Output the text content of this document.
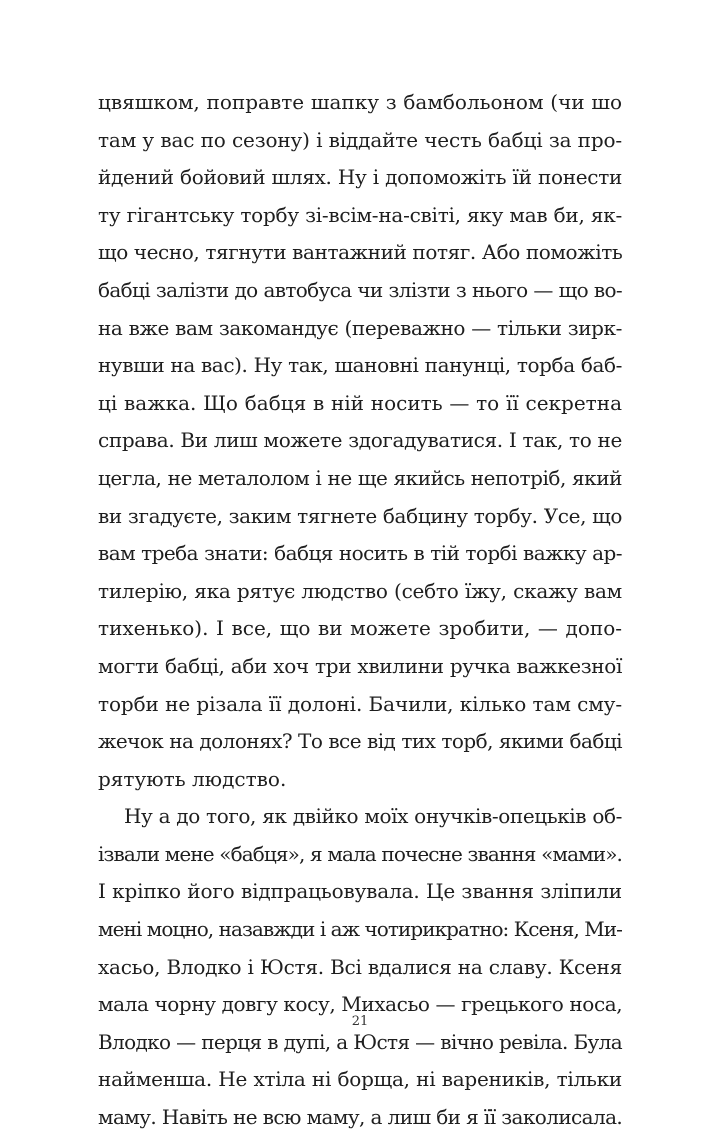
цвяшком, поправте шапку з бамбольоном (чи шо
там у вас по сезону) і віддайте честь бабці за про-
йдений бойовий шлях. Ну і допоможіть їй понести
ту гігантську торбу зі-всім-на-світі, яку мав би, як-
що чесно, тягнути вантажний потяг. Або поможіть
бабці залізти до автобуса чи злізти з нього — що во-
на вже вам закомандує (переважно — тільки зирк-
нувши на вас). Ну так, шановні панунці, торба баб-
ці важка. Що бабця в ній носить — то її секретна
справа. Ви лиш можете здогадуватися. І так, то не
цегла, не металолом і не ще якийсь непотріб, який
ви згадуєте, заким тягнете бабцину торбу. Усе, що
вам треба знати: бабця носить в тій торбі важку ар-
тилерію, яка рятує людство (себто їжу, скажу вам
тихенько). І все, що ви можете зробити, — допо-
могти бабці, аби хоч три хвилини ручка важкезної
торби не різала її долоні. Бачили, кілько там сму-
жечок на долонях? То все від тих торб, якими бабці
рятують людство.
Ну а до того, як двійко моїх онучків-опецьків об-
ізвали мене «бабця», я мала почесне звання «мами».
І кріпко його відпрацьовувала. Це звання зліпили
мені моцно, назавжди і аж чотирикратно: Ксеня, Ми-
хасьо, Влодко і Юстя. Всі вдалися на славу. Ксеня
мала чорну довгу косу, Михасьо — грецького носа,
Влодко — перця в дупі, а Юстя — вічно ревіла. Була
найменша. Не хтіла ні борща, ні вареників, тільки
маму. Навіть не всю маму, а лиш би я її заколисала.
21
